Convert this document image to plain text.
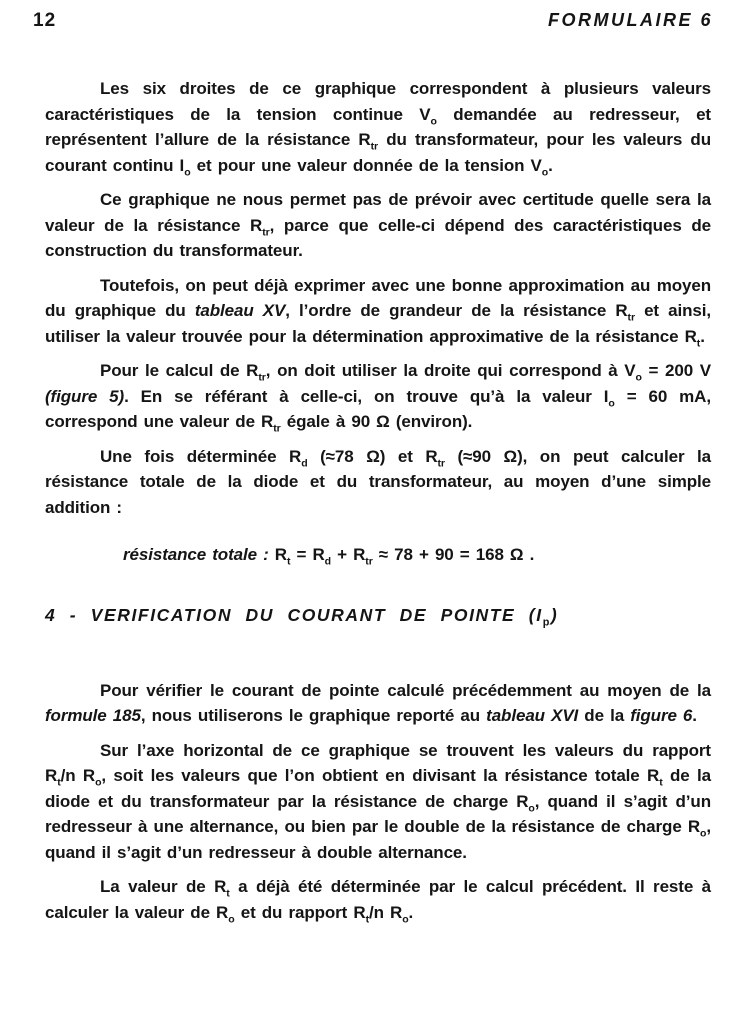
12	FORMULAIRE 6

Les six droites de ce graphique correspondent à plusieurs valeurs caractéristiques de la tension continue $V_o$ demandée au redresseur, et représentent l’allure de la résistance $R_{tr}$ du transformateur, pour les valeurs du courant continu $I_o$ et pour une valeur donnée de la tension $V_o$.

Ce graphique ne nous permet pas de prévoir avec certitude quelle sera la valeur de la résistance $R_{tr}$, parce que celle-ci dépend des caractéristiques de construction du transformateur.

Toutefois, on peut déjà exprimer avec une bonne approximation au moyen du graphique du tableau XV, l’ordre de grandeur de la résistance $R_{tr}$ et ainsi, utiliser la valeur trouvée pour la détermination approximative de la résistance $R_t$.

Pour le calcul de $R_{tr}$, on doit utiliser la droite qui correspond à $V_o = 200$ V (figure 5). En se référant à celle-ci, on trouve qu’à la valeur $I_o = 60$ mA, correspond une valeur de $R_{tr}$ égale à 90 Ω (environ).

Une fois déterminée $R_d$ (≈78 Ω) et $R_{tr}$ (≈90 Ω), on peut calculer la résistance totale de la diode et du transformateur, au moyen d’une simple addition :

résistance totale : $R_t = R_d + R_{tr} \approx 78 + 90 = 168$ Ω .

4 - VERIFICATION DU COURANT DE POINTE $(I_p)$

Pour vérifier le courant de pointe calculé précédemment au moyen de la formule 185, nous utiliserons le graphique reporté au tableau XVI de la figure 6.

Sur l’axe horizontal de ce graphique se trouvent les valeurs du rapport $R_t/n$ $R_o$, soit les valeurs que l’on obtient en divisant la résistance totale $R_t$ de la diode et du transformateur par la résistance de charge $R_o$, quand il s’agit d’un redresseur à une alternance, ou bien par le double de la résistance de charge $R_o$, quand il s’agit d’un redresseur à double alternance.

La valeur de $R_t$ a déjà été déterminée par le calcul précédent. Il reste à calculer la valeur de $R_o$ et du rapport $R_t/n$ $R_o$.
